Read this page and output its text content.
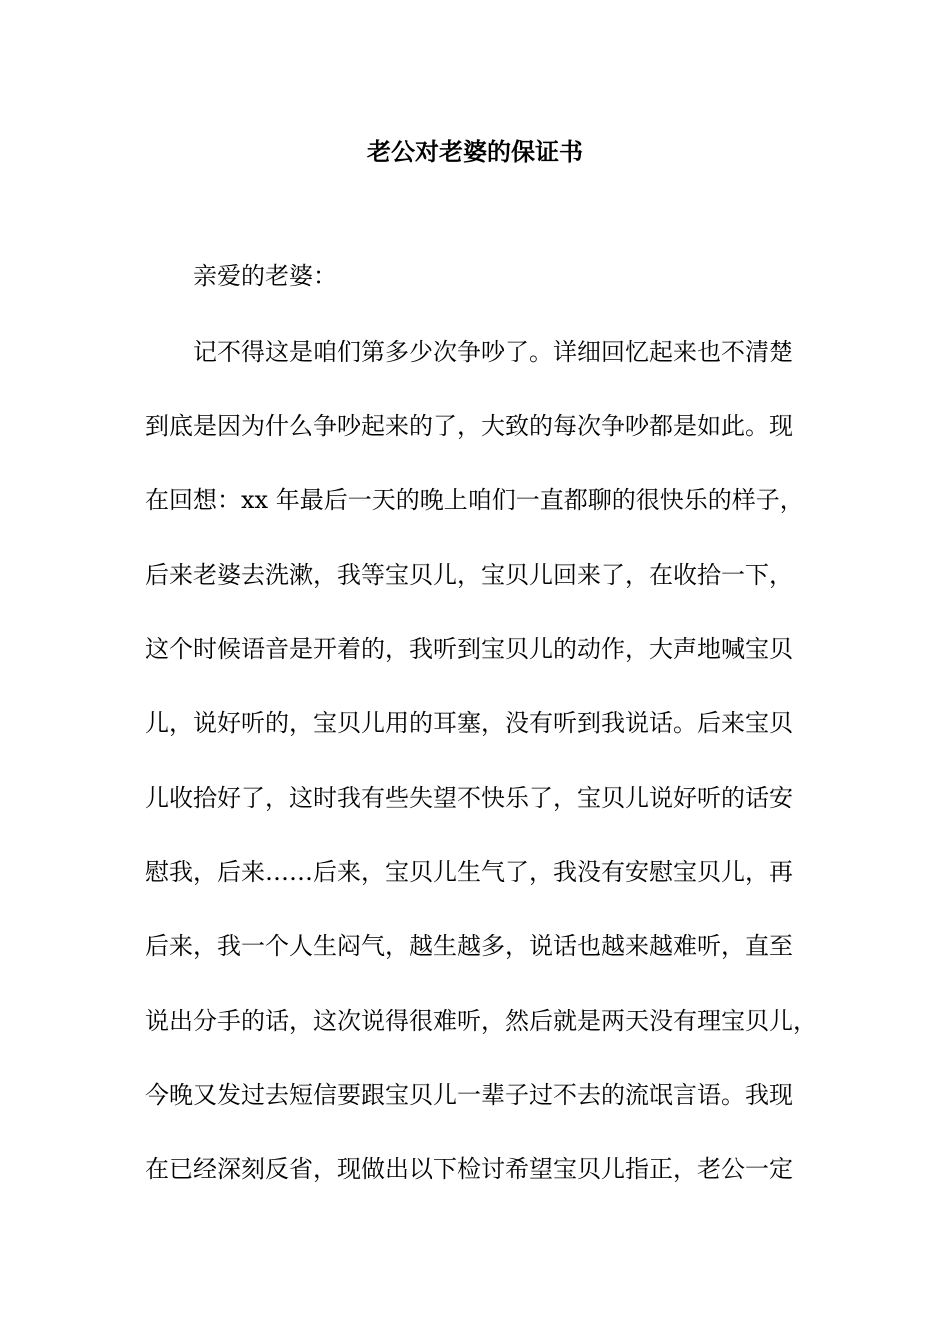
老公对老婆的保证书
亲爱的老婆：
记不得这是咱们第多少次争吵了。详细回忆起来也不清楚
到底是因为什么争吵起来的了，大致的每次争吵都是如此。现
在回想：xx 年最后一天的晚上咱们一直都聊的很快乐的样子，
后来老婆去洗漱，我等宝贝儿，宝贝儿回来了，在收拾一下，
这个时候语音是开着的，我听到宝贝儿的动作，大声地喊宝贝
儿，说好听的，宝贝儿用的耳塞，没有听到我说话。后来宝贝
儿收拾好了，这时我有些失望不快乐了，宝贝儿说好听的话安
慰我，后来……后来，宝贝儿生气了，我没有安慰宝贝儿，再
后来，我一个人生闷气，越生越多，说话也越来越难听，直至
说出分手的话，这次说得很难听，然后就是两天没有理宝贝儿，
今晚又发过去短信要跟宝贝儿一辈子过不去的流氓言语。我现
在已经深刻反省，现做出以下检讨希望宝贝儿指正，老公一定
